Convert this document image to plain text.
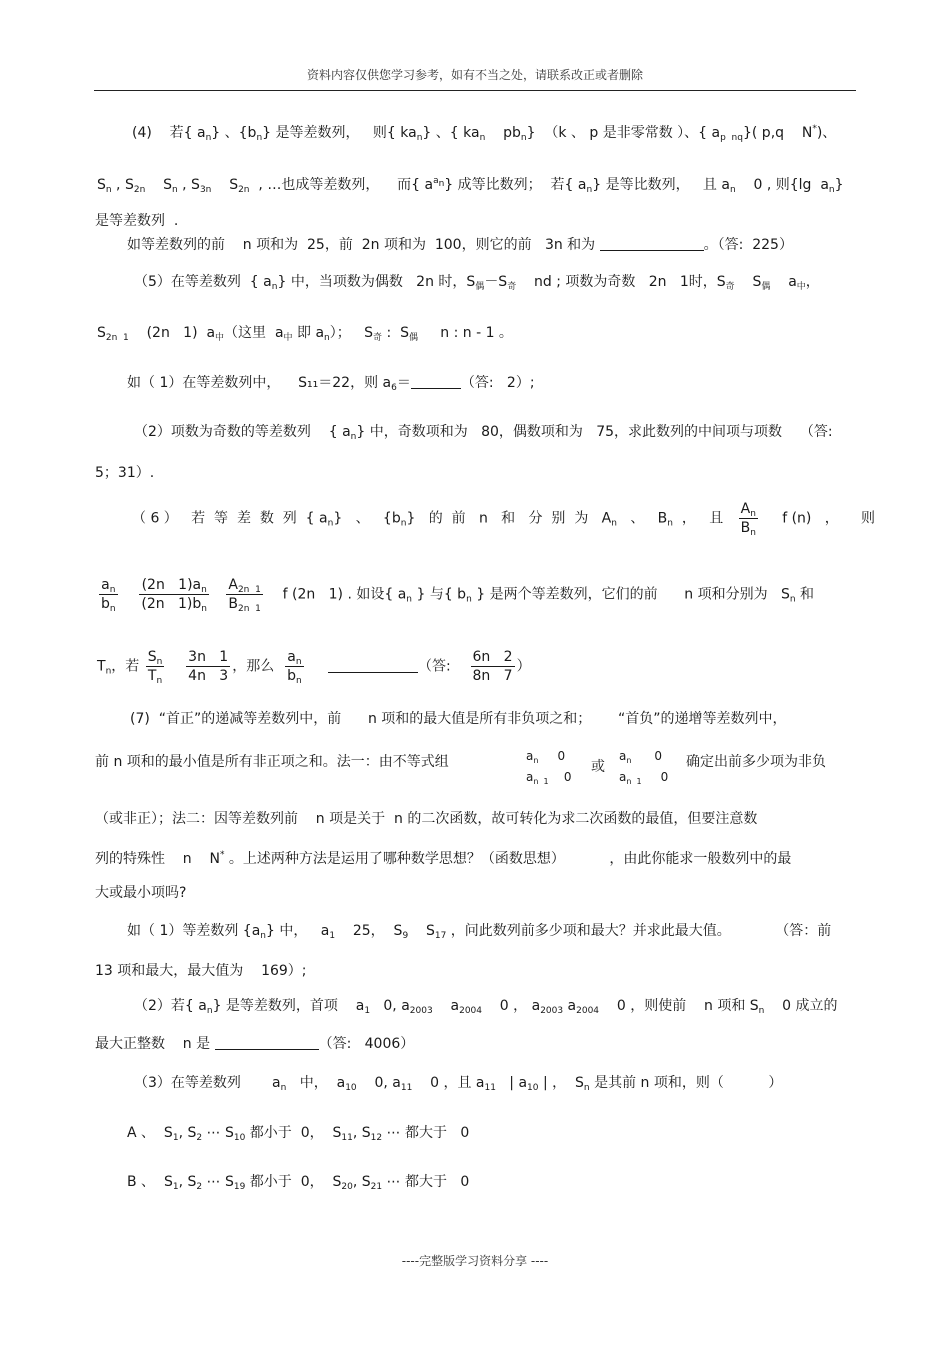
资料内容仅供您学习参考，如有不当之处，请联系改正或者删除
(4)    若{ $a_n$} 、$\{b_n\}$ 是等差数列，   则{ $ka_n$} 、{ $ka_n$    $pb_n$}  （k 、 p 是非零常数 ）、{ $a_{p nq}$}( p,q    N*)、
$S_n$ , $S_{2n}$    $S_n$ , $S_{3n}$    $S_{2n}$  , …也成等差数列，    而{ $a^{a_n}$} 成等比数列；  若{ $a_n$} 是等比数列，   且 $a_n$    0 , 则{lg  $a_n$}
是等差数列  .
如等差数列的前    n 项和为  25，前  2n 项和为  100，则它的前   3n 和为	。（答:  225）
（5）在等差数列  { $a_n$} 中，当项数为偶数   2n 时，$S_偶-S_奇$    nd ; 项数为奇数   2n   1时，$S_奇$    $S_偶$    $a_中$，
$S_{2n 1}$    (2n   1)  $a_中$（这里  $a_中$ 即 $a_n$）；   $S_奇$ :  $S_偶$     n : n - 1 。
如（ 1）在等差数列中，    S₁₁＝22，则 $a_6=$	（答:   2）;
（2）项数为奇数的等差数列    { $a_n$} 中，奇数项和为   80，偶数项和为   75，求此数列的中间项与项数    （答:
5；31）.
（ 6 ）   若  等  差  数  列  { $a_n$}   、   $\{b_n\}$   的  前   n   和   分  别  为   $A_n$   、   $B_n$  ，   且 $\frac{A_n}{B_n}$ f (n)   ，     则
$\frac{a_n}{b_n}$
$\frac{(2n 1)a_n}{(2n 1)b_n}$
$\frac{A_{2n 1}}{B_{2n 1}}$ f (2n   1) . 如设{ $a_n$ } 与{ $b_n$ } 是两个等差数列，它们的前      n 项和分别为   $S_n$ 和
$T_n$，若 $\frac{S_n}{T_n}$
$\frac{3n 1}{4n 3}$ ，那么 $\frac{a_n}{b_n}$	（答: $\frac{6n 2}{8n 7}$ ）
(7)  “首正”的递减等差数列中，前      n 项和的最大值是所有非负项之和；      “首负”的递增等差数列中，
前 n 项和的最小值是所有非正项之和。法一：由不等式组	$a_n$     0
$a_{n 1}$    0
或
$a_n$      0
$a_{n 1}$     0
确定出前多少项为非负
（或非正）；法二：因等差数列前    n 项是关于  n 的二次函数，故可转化为求二次函数的最值，但要注意数
列的特殊性    n    N* 。上述两种方法是运用了哪种数学思想？（函数思想）          ，由此你能求一般数列中的最
大或最小项吗?
如（ 1）等差数列 $\{a_n\}$ 中，   $a_1$    25，  $S_9$    $S_{17}$ ，问此数列前多少项和最大？并求此最大值。          （答：前
13 项和最大，最大值为    169）;
（2）若{ $a_n$} 是等差数列，首项    $a_1$   0, $a_{2003}$    $a_{2004}$    0 ， $a_{2003}$ $a_{2004}$    0 ，则使前    n 项和 $S_n$    0 成立的
最大正整数    n 是	（答:   4006）
（3）在等差数列       $a_n$   中，  $a_{10}$    0, $a_{11}$    0 ，且 $a_{11}$   | $a_{10}$ | ，  $S_n$ 是其前 n 项和，则（          ）
A 、  $S_1$, $S_2$ ⋯ $S_{10}$ 都小于  0，  $S_{11}$, $S_{12}$ ⋯ 都大于   0
B 、  $S_1$, $S_2$ ⋯ $S_{19}$ 都小于  0，  $S_{20}$, $S_{21}$ ⋯ 都大于   0
----完整版学习资料分享 ----
